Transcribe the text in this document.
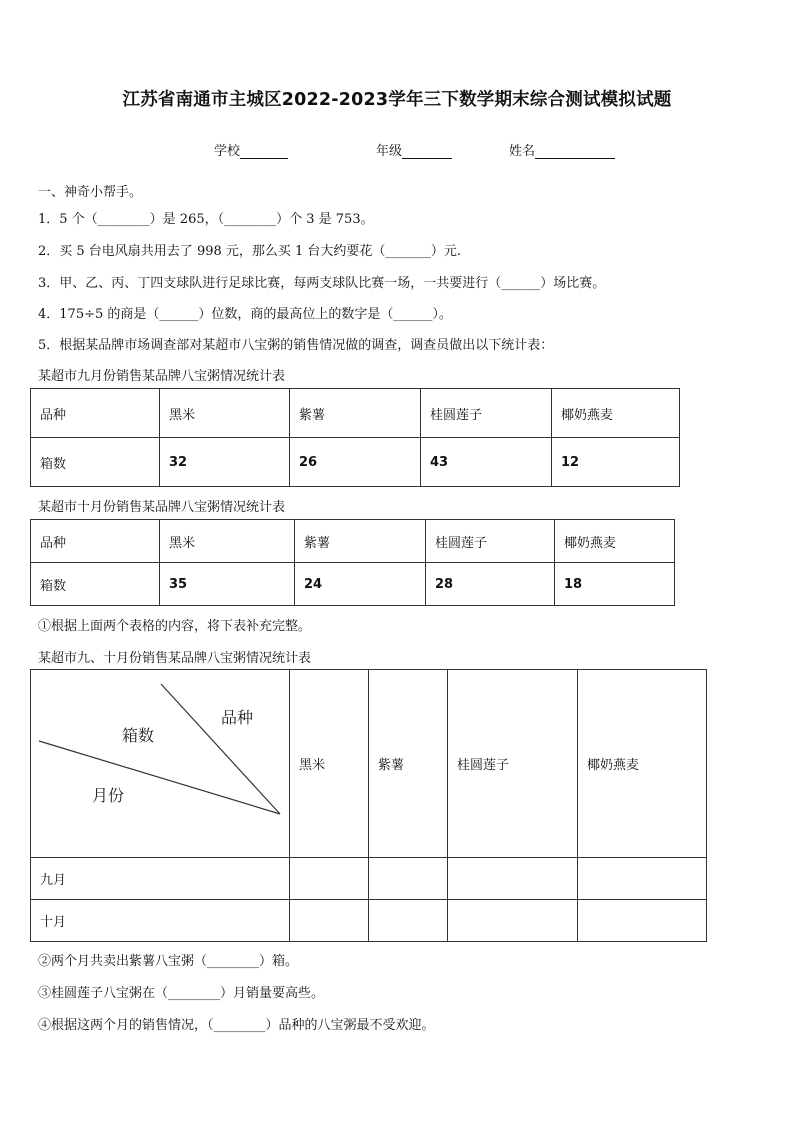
江苏省南通市主城区2022-2023学年三下数学期末综合测试模拟试题
学校	年级	姓名
一、神奇小帮手。
1．5 个（________）是 265，（________）个 3 是 753。
2．买 5 台电风扇共用去了 998 元，那么买 1 台大约要花（_______）元.
3．甲、乙、丙、丁四支球队进行足球比赛，每两支球队比赛一场，一共要进行（______）场比赛。
4．175÷5 的商是（______）位数，商的最高位上的数字是（______）。
5．根据某品牌市场调查部对某超市八宝粥的销售情况做的调查，调查员做出以下统计表：
某超市九月份销售某品牌八宝粥情况统计表
品种	黑米	紫薯	桂圆莲子	椰奶燕麦
箱数	32	26	43	12
某超市十月份销售某品牌八宝粥情况统计表
品种	黑米	紫薯	桂圆莲子	椰奶燕麦
箱数	35	24	28	18
①根据上面两个表格的内容，将下表补充完整。
某超市九、十月份销售某品牌八宝粥情况统计表
品种
箱数
月份	黑米	紫薯	桂圆莲子	椰奶燕麦
九月				
十月				
②两个月共卖出紫薯八宝粥（________）箱。
③桂圆莲子八宝粥在（________）月销量要高些。
④根据这两个月的销售情况，（________）品种的八宝粥最不受欢迎。
